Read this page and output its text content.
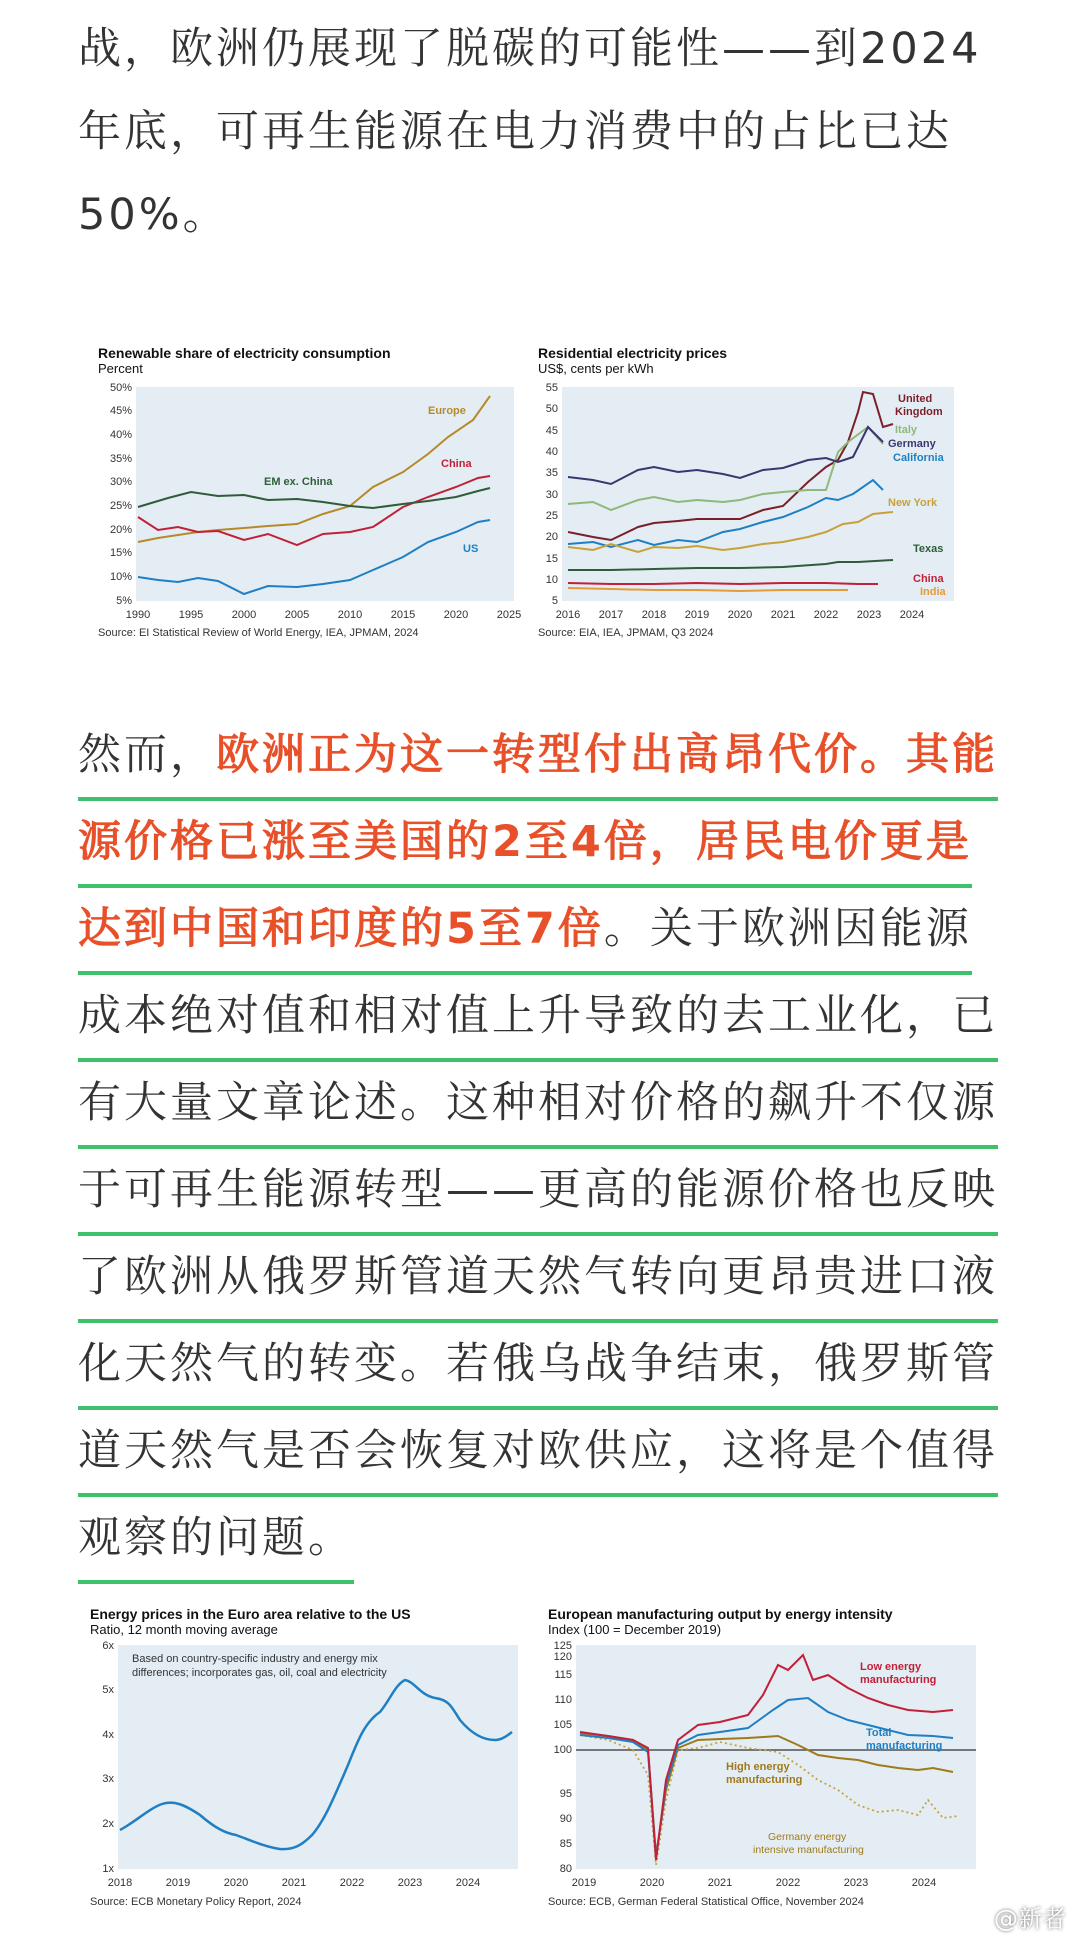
战，欧洲仍展现了脱碳的可能性——到2024
年底，可再生能源在电力消费中的占比已达
50%。
Renewable share of electricity consumption
Percent
5%
10%
15%
20%
25%
30%
35%
40%
45%
50%
1990	1995	2000	2005	2010	2015	2020	2025
Europe
China
EM ex. China
US
Source: EI Statistical Review of World Energy, IEA, JPMAM, 2024
Residential electricity prices
US$, cents per kWh
5
10
15
20
25
30
35
40
45
50
55
2016 2017 2018 2019 2020 2021 2022 2023 2024
United
Kingdom
Italy
Germany
California
New York
Texas
China
India
Source: EIA, IEA, JPMAM, Q3 2024
然而，欧洲正为这一转型付出高昂代价。其能
源价格已涨至美国的2至4倍，居民电价更是
达到中国和印度的5至7倍。关于欧洲因能源
成本绝对值和相对值上升导致的去工业化，已
有大量文章论述。这种相对价格的飙升不仅源
于可再生能源转型——更高的能源价格也反映
了欧洲从俄罗斯管道天然气转向更昂贵进口液
化天然气的转变。若俄乌战争结束，俄罗斯管
道天然气是否会恢复对欧供应，这将是个值得
观察的问题。
Energy prices in the Euro area relative to the US
Ratio, 12 month moving average
Based on country-specific industry and energy mix
differences; incorporates gas, oil, coal and electricity
1x
2x
3x
4x
5x
6x
2018	2019	2020	2021	2022	2023	2024
Source: ECB Monetary Policy Report, 2024
European manufacturing output by energy intensity
Index (100 = December 2019)
80
85
90
95
100
105
110
115
120
125
2019	2020	2021	2022	2023	2024
Low energy
manufacturing
Total
manufacturing
High energy
manufacturing
Germany energy
intensive manufacturing
Source: ECB, German Federal Statistical Office, November 2024
@新者
